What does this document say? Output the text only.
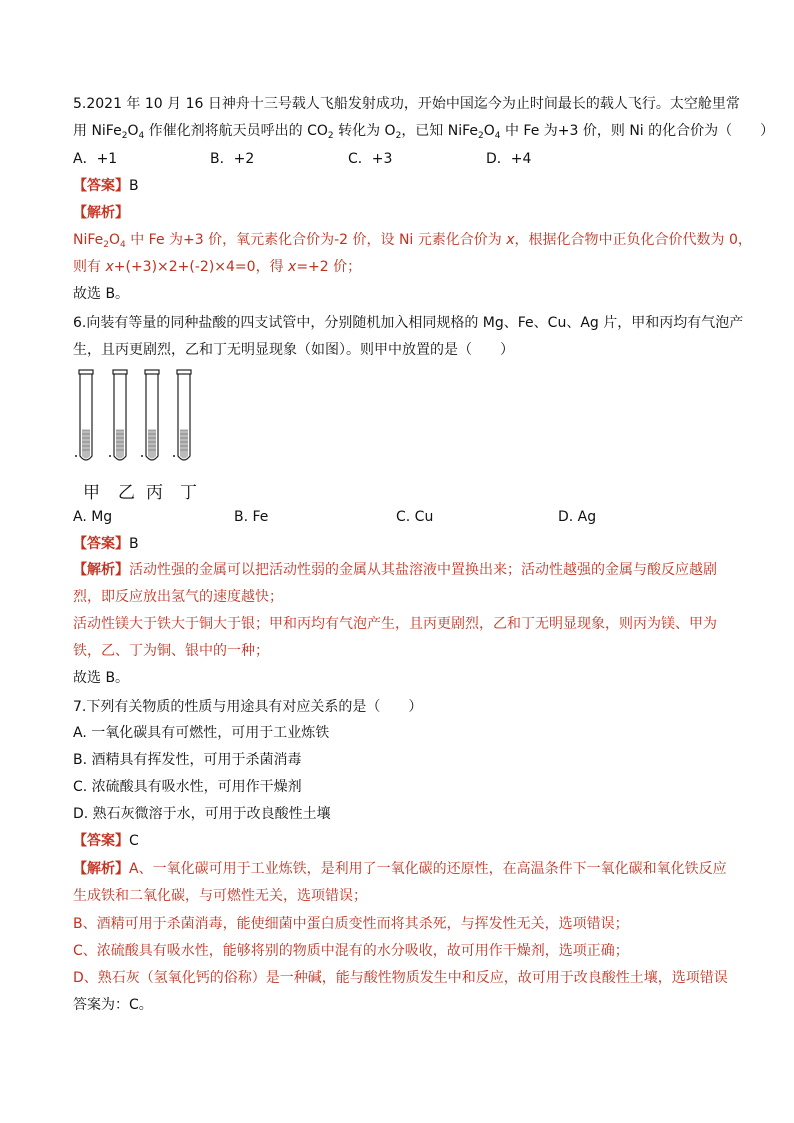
5.2021 年 10 月 16 日神舟十三号载人飞船发射成功，开始中国迄今为止时间最长的载人飞行。太空舱里常
用 $NiFe_2O_4$ 作催化剂将航天员呼出的 $CO_2$ 转化为 $O_2$，已知 $NiFe_2O_4$ 中 Fe 为+3 价，则 Ni 的化合价为（　　）
A．+1	B．+2	C．+3	D．+4
【答案】B
【解析】
$NiFe_2O_4$ 中 Fe 为+3 价，氧元素化合价为-2 价，设 Ni 元素化合价为 x，根据化合物中正负化合价代数为 0，
则有 x+(+3)×2+(-2)×4=0，得 x=+2 价；
故选 B。
6.向装有等量的同种盐酸的四支试管中，分别随机加入相同规格的 Mg、Fe、Cu、Ag 片，甲和丙均有气泡产
生，且丙更剧烈，乙和丁无明显现象（如图）。则甲中放置的是（　　）
甲 乙 丙 丁
A. Mg	B. Fe	C. Cu	D. Ag
【答案】B
【解析】活动性强的金属可以把活动性弱的金属从其盐溶液中置换出来；活动性越强的金属与酸反应越剧
烈，即反应放出氢气的速度越快；
活动性镁大于铁大于铜大于银；甲和丙均有气泡产生，且丙更剧烈，乙和丁无明显现象，则丙为镁、甲为
铁，乙、丁为铜、银中的一种；
故选 B。
7.下列有关物质的性质与用途具有对应关系的是（　　）
A. 一氧化碳具有可燃性，可用于工业炼铁
B. 酒精具有挥发性，可用于杀菌消毒
C. 浓硫酸具有吸水性，可用作干燥剂
D. 熟石灰微溶于水，可用于改良酸性土壤
【答案】C
【解析】A、一氧化碳可用于工业炼铁，是利用了一氧化碳的还原性，在高温条件下一氧化碳和氧化铁反应
生成铁和二氧化碳，与可燃性无关，选项错误；
B、酒精可用于杀菌消毒，能使细菌中蛋白质变性而将其杀死，与挥发性无关，选项错误；
C、浓硫酸具有吸水性，能够将别的物质中混有的水分吸收，故可用作干燥剂，选项正确；
D、熟石灰（氢氧化钙的俗称）是一种碱，能与酸性物质发生中和反应，故可用于改良酸性土壤，选项错误
答案为：C。
